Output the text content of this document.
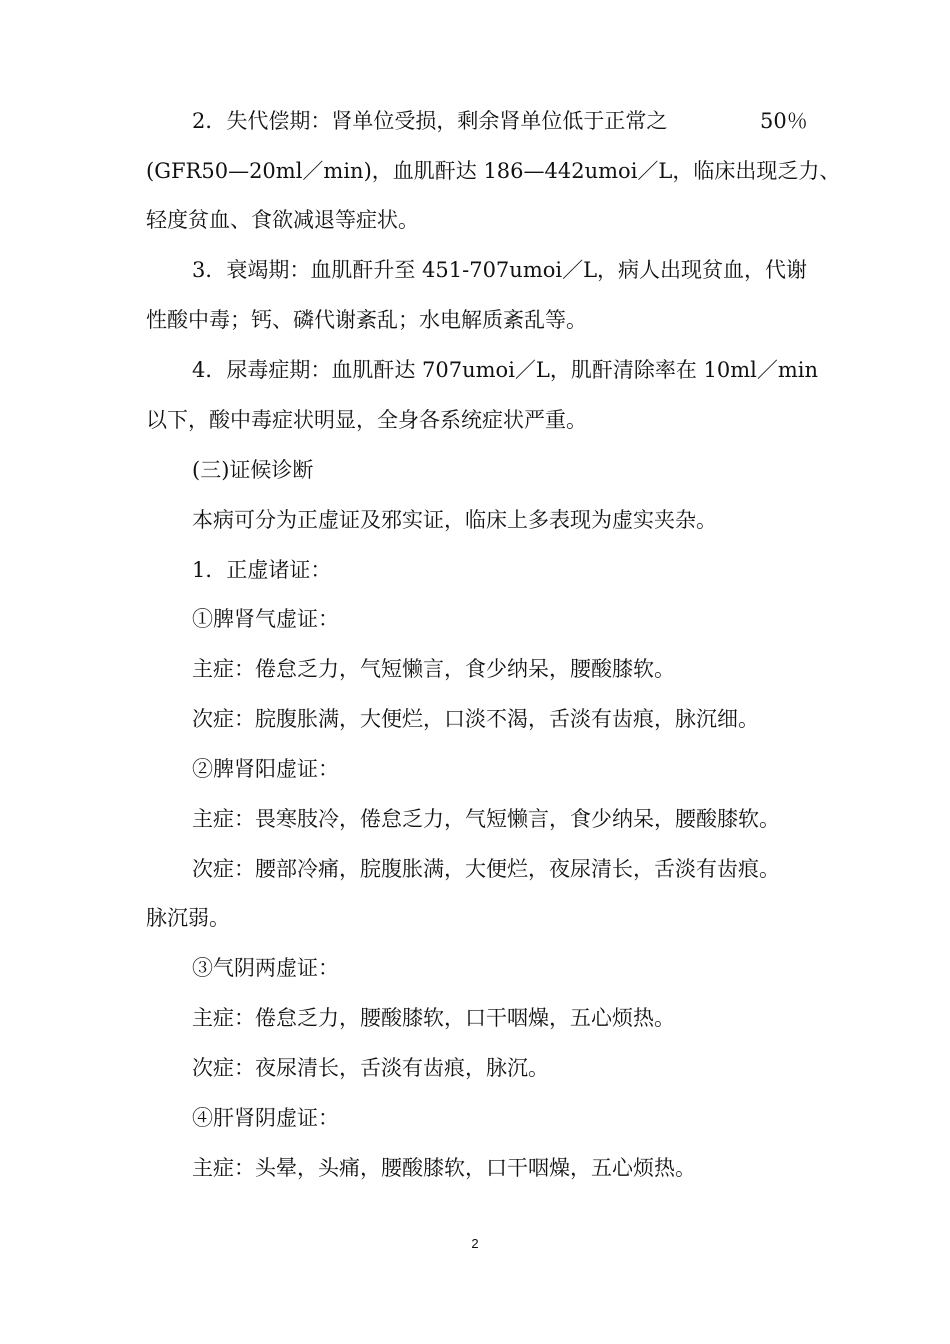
2．失代偿期：肾单位受损，剩余肾单位低于正常之	50％
(GFR50—20ml／min)，血肌酐达 186—442umoi／L，临床出现乏力、
轻度贫血、食欲减退等症状。
3．衰竭期：血肌酐升至 451-707umoi／L，病人出现贫血，代谢
性酸中毒；钙、磷代谢紊乱；水电解质紊乱等。
4．尿毒症期：血肌酐达 707umoi／L，肌酐清除率在 10ml／min
以下，酸中毒症状明显，全身各系统症状严重。
(三)证候诊断
本病可分为正虚证及邪实证，临床上多表现为虚实夹杂。
1．正虚诸证：
①脾肾气虚证：
主症：倦怠乏力，气短懒言，食少纳呆，腰酸膝软。
次症：脘腹胀满，大便烂，口淡不渴，舌淡有齿痕，脉沉细。
②脾肾阳虚证：
主症：畏寒肢冷，倦怠乏力，气短懒言，食少纳呆，腰酸膝软。
次症：腰部冷痛，脘腹胀满，大便烂，夜尿清长，舌淡有齿痕。
脉沉弱。
③气阴两虚证：
主症：倦怠乏力，腰酸膝软，口干咽燥，五心烦热。
次症：夜尿清长，舌淡有齿痕，脉沉。
④肝肾阴虚证：
主症：头晕，头痛，腰酸膝软，口干咽燥，五心烦热。
2
